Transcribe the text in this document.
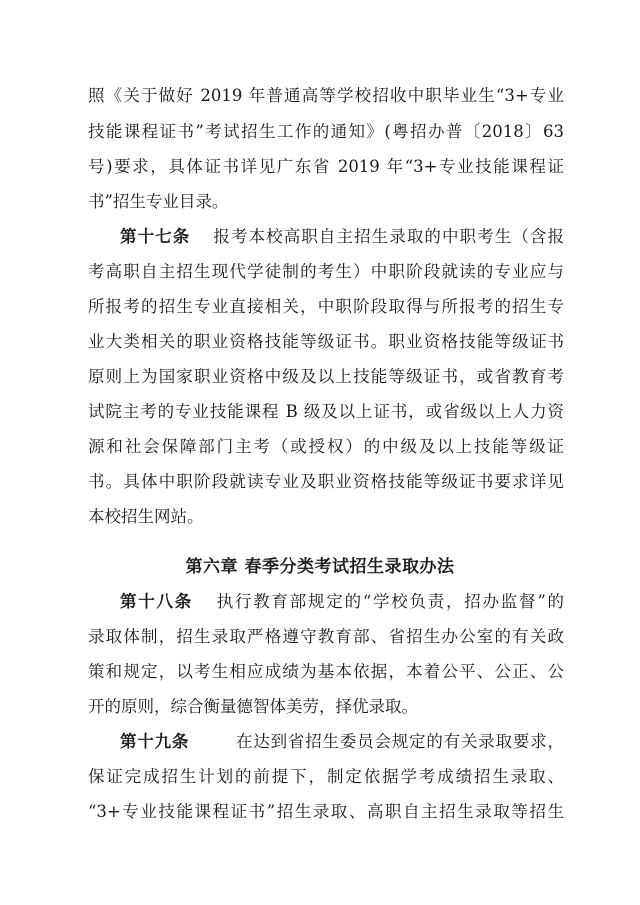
照《关于做好 2019 年普通高等学校招收中职毕业生“3+专业
技能课程证书”考试招生工作的通知》(粤招办普〔2018〕63
号)要求，具体证书详见广东省 2019 年“3+专业技能课程证
书”招生专业目录。
第十七条 报考本校高职自主招生录取的中职考生（含报
考高职自主招生现代学徒制的考生）中职阶段就读的专业应与
所报考的招生专业直接相关，中职阶段取得与所报考的招生专
业大类相关的职业资格技能等级证书。职业资格技能等级证书
原则上为国家职业资格中级及以上技能等级证书，或省教育考
试院主考的专业技能课程 B 级及以上证书，或省级以上人力资
源和社会保障部门主考（或授权）的中级及以上技能等级证
书。具体中职阶段就读专业及职业资格技能等级证书要求详见
本校招生网站。
第六章 春季分类考试招生录取办法
第十八条 执行教育部规定的“学校负责，招办监督”的
录取体制，招生录取严格遵守教育部、省招生办公室的有关政
策和规定，以考生相应成绩为基本依据，本着公平、公正、公
开的原则，综合衡量德智体美劳，择优录取。
第十九条	在达到省招生委员会规定的有关录取要求，
保证完成招生计划的前提下，制定依据学考成绩招生录取、
“3+专业技能课程证书”招生录取、高职自主招生录取等招生
